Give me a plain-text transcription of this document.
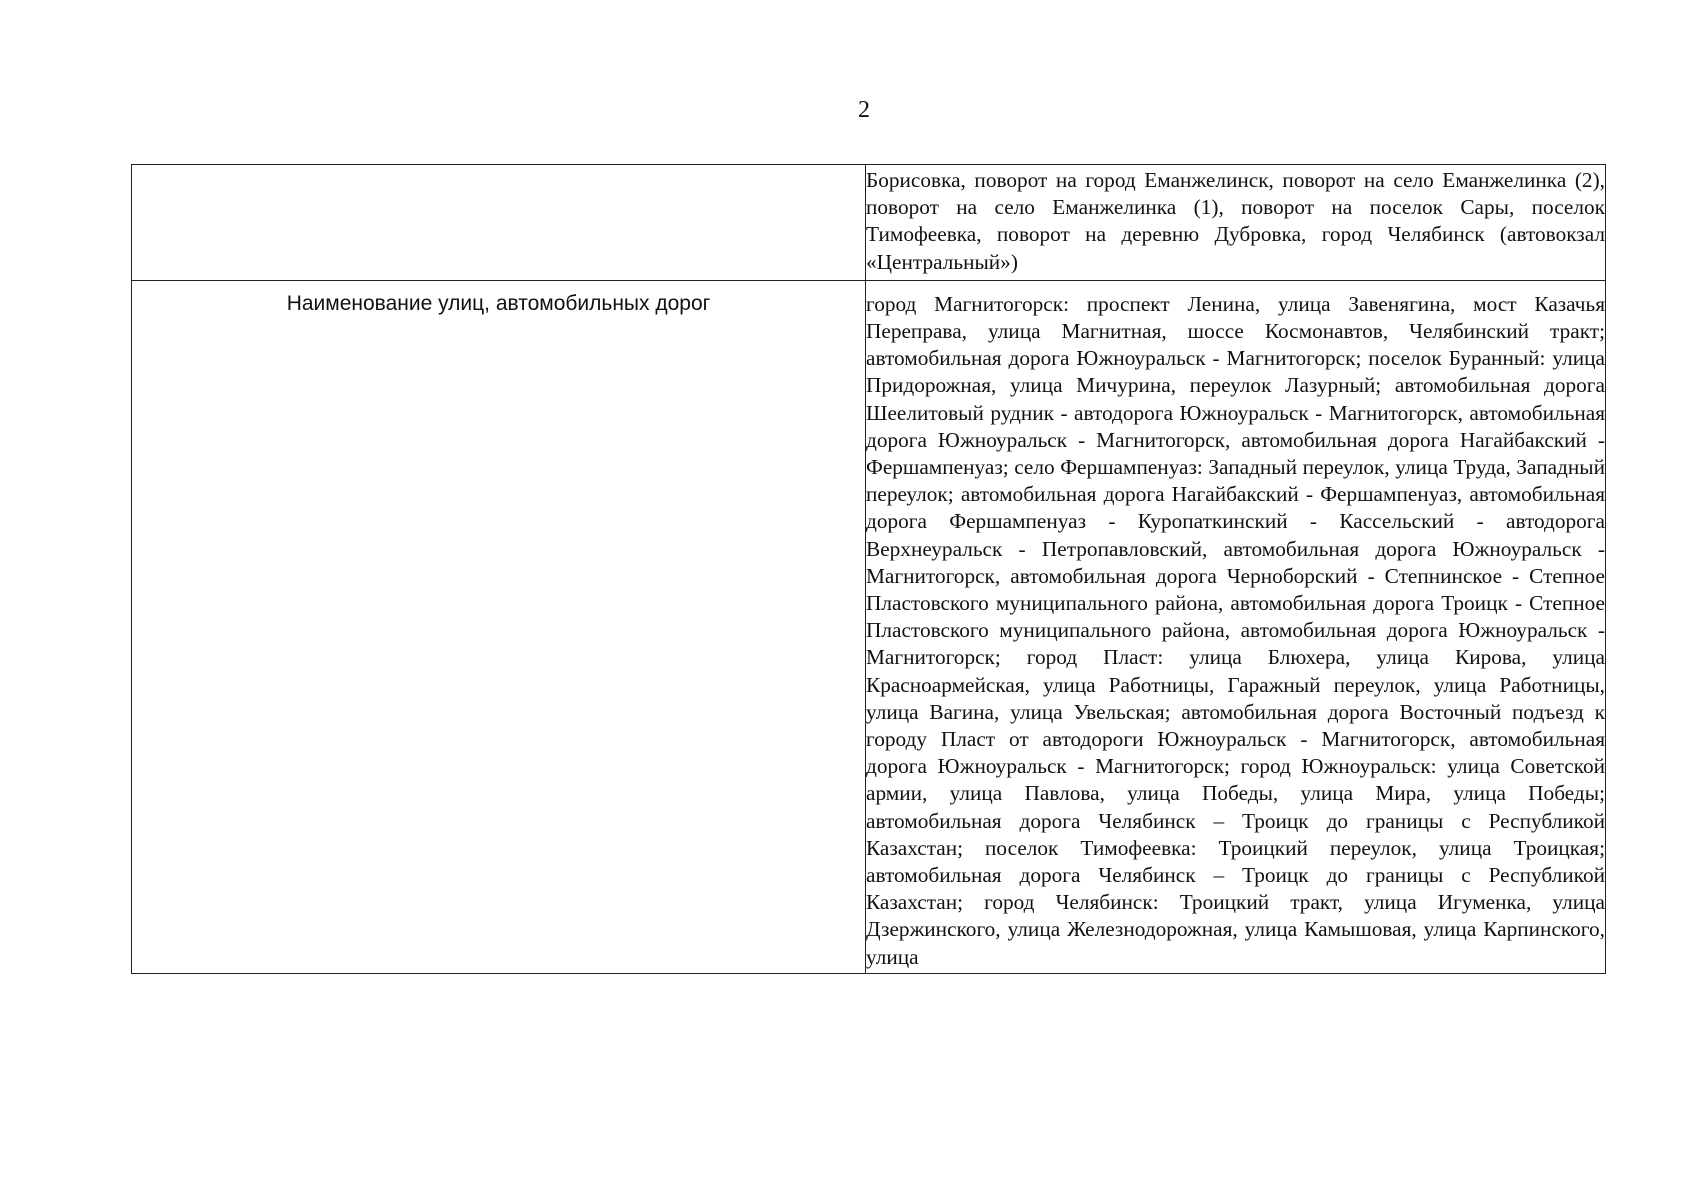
2
	Борисовка, поворот на город Еманжелинск, поворот на село Еманжелинка (2), поворот на село Еманжелинка (1), поворот на поселок Сары, поселок Тимофеевка, поворот на деревню Дубровка, город Челябинск (автовокзал «Центральный»)
Наименование улиц, автомобильных дорог	город Магнитогорск: проспект Ленина, улица Завенягина, мост Казачья Переправа, улица Магнитная, шоссе Космонавтов, Челябинский тракт; автомобильная дорога Южноуральск - Магнитогорск; поселок Буранный: улица Придорожная, улица Мичурина, переулок Лазурный; автомобильная дорога Шеелитовый рудник - автодорога Южноуральск - Магнитогорск, автомобильная дорога Южноуральск - Магнитогорск, автомобильная дорога Нагайбакский - Фершампенуаз; село Фершампенуаз: Западный переулок, улица Труда, Западный переулок; автомобильная дорога Нагайбакский - Фершампенуаз, автомобильная дорога Фершампенуаз - Куропаткинский - Кассельский - автодорога Верхнеуральск - Петропавловский, автомобильная дорога Южноуральск - Магнитогорск, автомобильная дорога Черноборский - Степнинское - Степное Пластовского муниципального района, автомобильная дорога Троицк - Степное Пластовского муниципального района, автомобильная дорога Южноуральск - Магнитогорск; город Пласт: улица Блюхера, улица Кирова, улица Красноармейская, улица Работницы, Гаражный переулок, улица Работницы, улица Вагина, улица Увельская; автомобильная дорога Восточный подъезд к городу Пласт от автодороги Южноуральск - Магнитогорск, автомобильная дорога Южноуральск - Магнитогорск; город Южноуральск: улица Советской армии, улица Павлова, улица Победы, улица Мира, улица Победы; автомобильная дорога Челябинск – Троицк до границы с Республикой Казахстан; поселок Тимофеевка: Троицкий переулок, улица Троицкая; автомобильная дорога Челябинск – Троицк до границы с Республикой Казахстан; город Челябинск: Троицкий тракт, улица Игуменка, улица Дзержинского, улица Железнодорожная, улица Камышовая, улица Карпинского, улица
